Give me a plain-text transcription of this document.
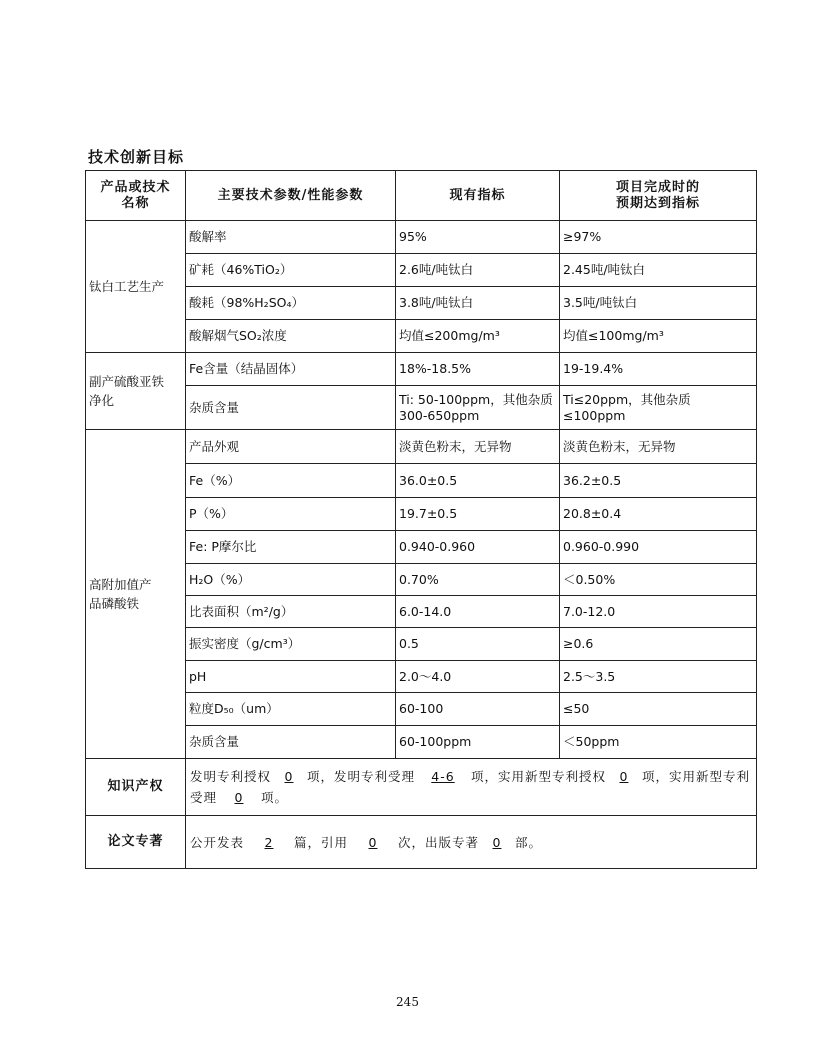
技术创新目标
产品或技术
名称	主要技术参数/性能参数	现有指标	项目完成时的
预期达到指标
钛白工艺生产	酸解率	95%	≥97%
	矿耗（46%TiO₂）	2.6吨/吨钛白	2.45吨/吨钛白
	酸耗（98%H₂SO₄）	3.8吨/吨钛白	3.5吨/吨钛白
	酸解烟气SO₂浓度	均值≤200mg/m³	均值≤100mg/m³
副产硫酸亚铁
净化	Fe含量（结晶固体）	18%-18.5%	19-19.4%
	杂质含量	Ti: 50-100ppm，其他杂质300-650ppm	Ti≤20ppm，其他杂质≤100ppm
高附加值产
品磷酸铁	产品外观	淡黄色粉末，无异物	淡黄色粉末，无异物
	Fe（%）	36.0±0.5	36.2±0.5
	P（%）	19.7±0.5	20.8±0.4
	Fe: P摩尔比	0.940-0.960	0.960-0.990
	H₂O（%）	0.70%	＜0.50%
	比表面积（m²/g）	6.0-14.0	7.0-12.0
	振实密度（g/cm³）	0.5	≥0.6
	pH	2.0～4.0	2.5～3.5
	粒度D₅₀（um）	60-100	≤50
	杂质含量	60-100ppm	＜50ppm
知识产权	发明专利授权 0 项，发明专利受理 4-6 项，实用新型专利授权 0 项，实用新型专利受理 0 项。		
论文专著	公开发表 2 篇，引用 0 次，出版专著 0 部。		
245
